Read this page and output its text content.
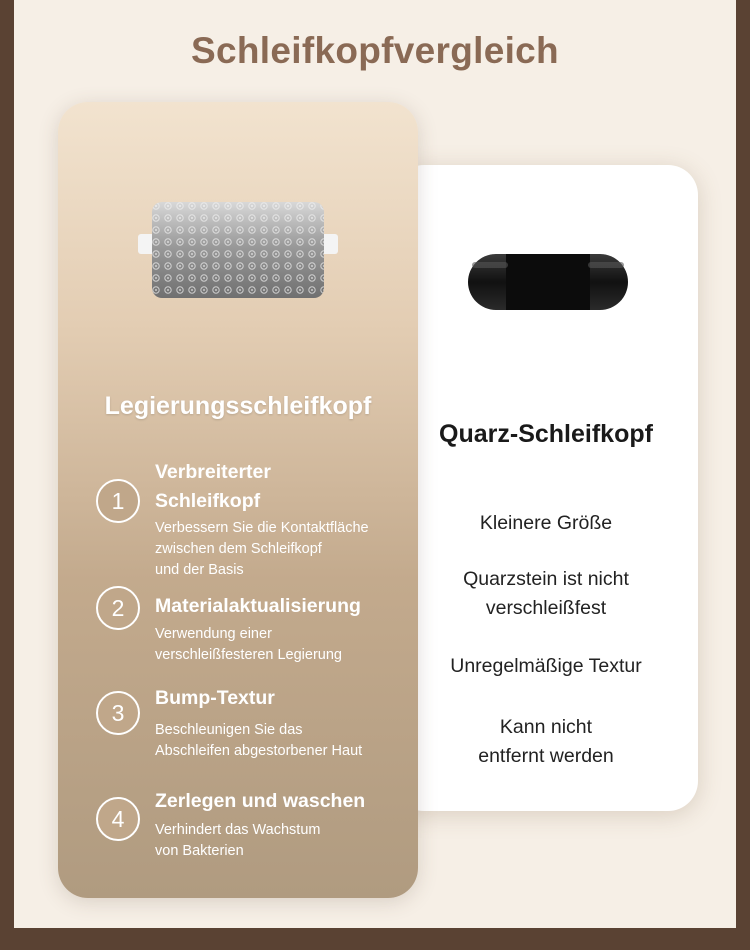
Schleifkopfvergleich
Quarz-Schleifkopf
Kleinere Größe
Quarzstein ist nicht
verschleißfest
Unregelmäßige Textur
Kann nicht
entfernt werden
Legierungsschleifkopf
1
Verbreiterter
Schleifkopf
Verbessern Sie die Kontaktfläche
zwischen dem Schleifkopf
und der Basis
2	Materialaktualisierung
Verwendung einer
verschleißfesteren Legierung
3
Bump-Textur
Beschleunigen Sie das
Abschleifen abgestorbener Haut
4
Zerlegen und waschen
Verhindert das Wachstum
von Bakterien
